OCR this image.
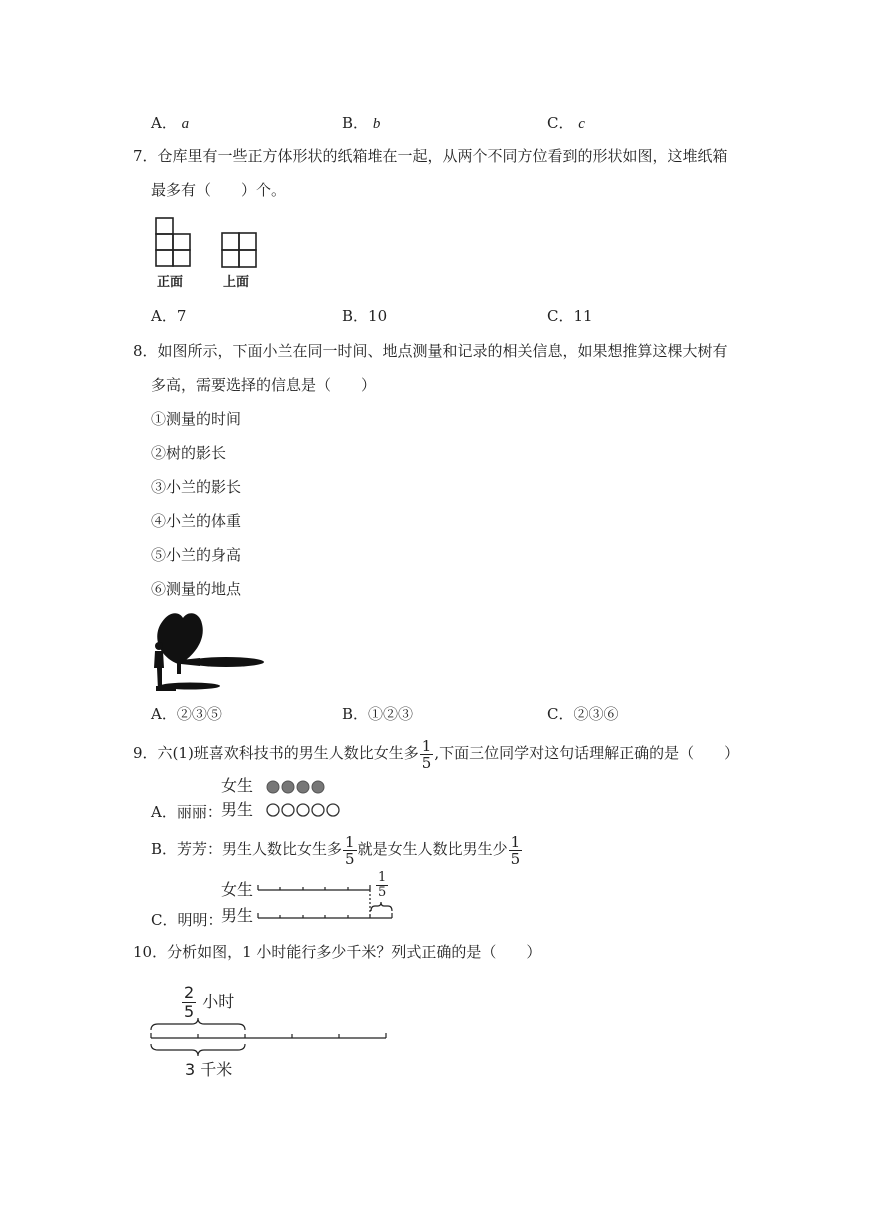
A． a	B． b	C． c
7．仓库里有一些正方体形状的纸箱堆在一起，从两个不同方位看到的形状如图，这堆纸箱
最多有（　　）个。
正面	上面
A．7	B．10	C．11
8．如图所示，下面小兰在同一时间、地点测量和记录的相关信息，如果想推算这棵大树有
多高，需要选择的信息是（　　）
①测量的时间
②树的影长
③小兰的影长
④小兰的体重
⑤小兰的身高
⑥测量的地点
A．②③⑤	B．①②③	C．②③⑥
9．六(1)班喜欢科技书的男生人数比女生多 $\frac{1}{5}$ ,下面三位同学对这句话理解正确的是（　　）
女生
A．丽丽： 男生
B．芳芳：男生人数比女生多 $\frac{1}{5}$ 就是女生人数比男生少 $\frac{1}{5}$
女生
C．明明：
男生
$\frac{1}{5}$
10．分析如图，1 小时能行多少千米？列式正确的是（　　）
$\frac{2}{5}$ 小时
3 千米
